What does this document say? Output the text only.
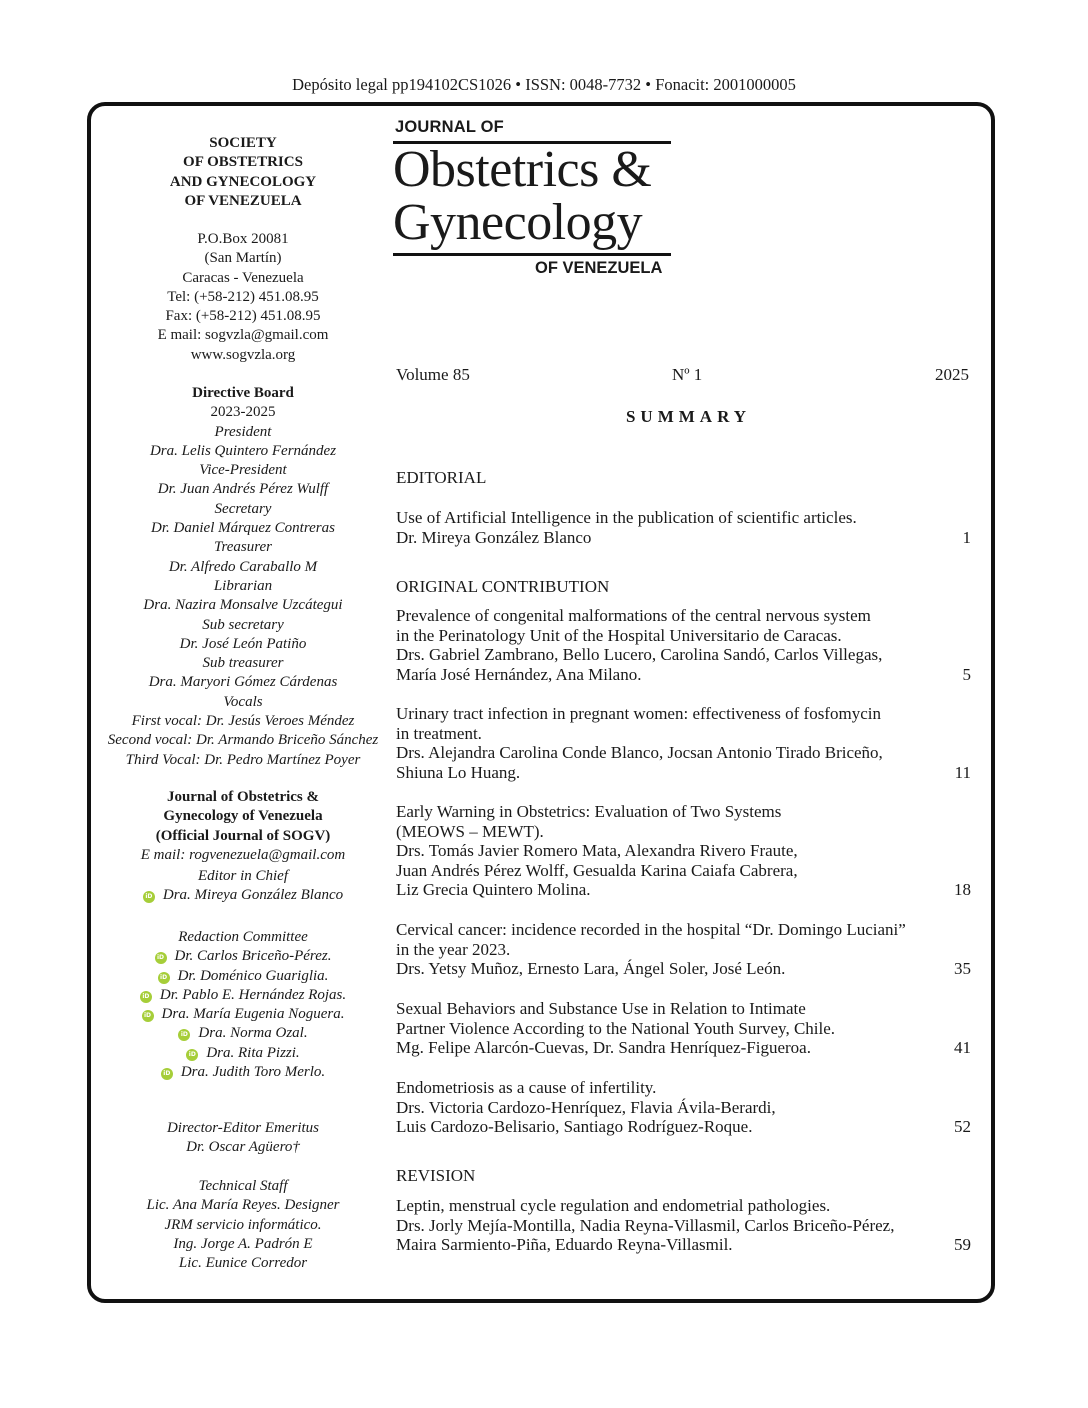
Depósito legal pp194102CS1026 • ISSN: 0048-7732 • Fonacit: 2001000005
SOCIETY
OF OBSTETRICS
AND GYNECOLOGY
OF VENEZUELA
P.O.Box 20081
(San Martín)
Caracas - Venezuela
Tel: (+58-212) 451.08.95
Fax: (+58-212) 451.08.95
E mail: sogvzla@gmail.com
www.sogvzla.org
Directive Board
2023-2025
President
Dra. Lelis Quintero Fernández
Vice-President
Dr. Juan Andrés Pérez Wulff
Secretary
Dr. Daniel Márquez Contreras
Treasurer
Dr. Alfredo Caraballo M
Librarian
Dra. Nazira Monsalve Uzcátegui
Sub secretary
Dr. José León Patiño
Sub treasurer
Dra. Maryori Gómez Cárdenas
Vocals
First vocal: Dr. Jesús Veroes Méndez
Second vocal: Dr. Armando Briceño Sánchez
Third Vocal: Dr. Pedro Martínez Poyer
Journal of Obstetrics &
Gynecology of Venezuela
(Official Journal of SOGV)
E mail: rogvenezuela@gmail.com
Editor in Chief
iD Dra. Mireya González Blanco
Redaction Committee
iD Dr. Carlos Briceño-Pérez.
iD Dr. Doménico Guariglia.
iD Dr. Pablo E. Hernández Rojas.
iD Dra. María Eugenia Noguera.
iD Dra. Norma Ozal.
iD Dra. Rita Pizzi.
iD Dra. Judith Toro Merlo.
Director-Editor Emeritus
Dr. Oscar Agüero†
Technical Staff
Lic. Ana María Reyes. Designer
JRM servicio informático.
Ing. Jorge A. Padrón E
Lic. Eunice Corredor
JOURNAL OF
Obstetrics &
Gynecology
OF VENEZUELA
Volume 85	Nº 1	2025
SUMMARY
EDITORIAL
Use of Artificial Intelligence in the publication of scientific articles.
Dr. Mireya González Blanco	1
ORIGINAL CONTRIBUTION
Prevalence of congenital malformations of the central nervous system
in the Perinatology Unit of the Hospital Universitario de Caracas.
Drs. Gabriel Zambrano, Bello Lucero, Carolina Sandó, Carlos Villegas,
María José Hernández, Ana Milano.	5
Urinary tract infection in pregnant women: effectiveness of fosfomycin
in treatment.
Drs. Alejandra Carolina Conde Blanco, Jocsan Antonio Tirado Briceño,
Shiuna Lo Huang.	11
Early Warning in Obstetrics: Evaluation of Two Systems
(MEOWS – MEWT).
Drs. Tomás Javier Romero Mata, Alexandra Rivero Fraute,
Juan Andrés Pérez Wolff, Gesualda Karina Caiafa Cabrera,
Liz Grecia Quintero Molina.	18
Cervical cancer: incidence recorded in the hospital “Dr. Domingo Luciani”
in the year 2023.
Drs. Yetsy Muñoz, Ernesto Lara, Ángel Soler, José León.	35
Sexual Behaviors and Substance Use in Relation to Intimate
Partner Violence According to the National Youth Survey, Chile.
Mg. Felipe Alarcón-Cuevas, Dr. Sandra Henríquez-Figueroa.	41
Endometriosis as a cause of infertility.
Drs. Victoria Cardozo-Henríquez, Flavia Ávila-Berardi,
Luis Cardozo-Belisario, Santiago Rodríguez-Roque.	52
REVISION
Leptin, menstrual cycle regulation and endometrial pathologies.
Drs. Jorly Mejía-Montilla, Nadia Reyna-Villasmil, Carlos Briceño-Pérez,
Maira Sarmiento-Piña, Eduardo Reyna-Villasmil.	59
